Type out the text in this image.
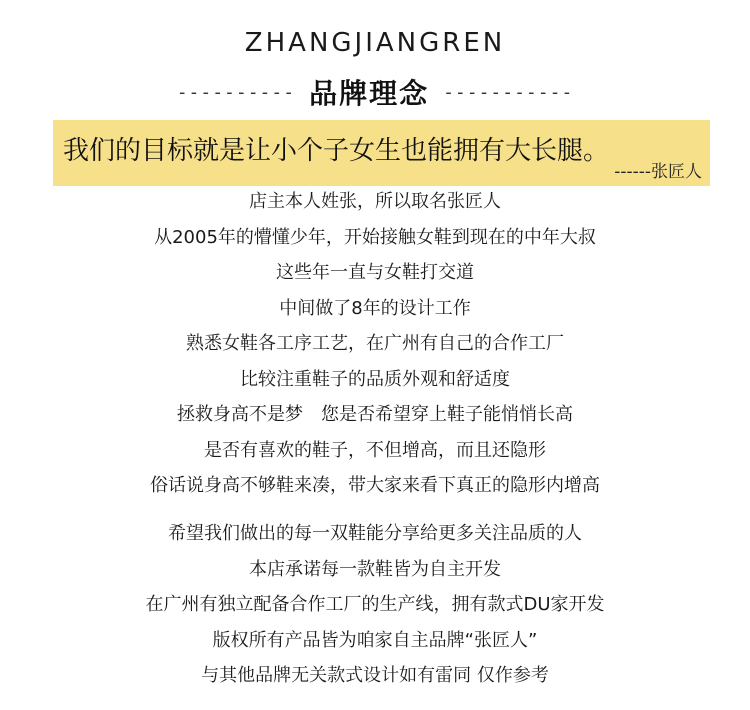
ZHANGJIANGREN
---------- 品牌理念 -----------
我们的目标就是让小个子女生也能拥有大长腿。
------张匠人
店主本人姓张，所以取名张匠人
从2005年的懵懂少年，开始接触女鞋到现在的中年大叔
这些年一直与女鞋打交道
中间做了8年的设计工作
熟悉女鞋各工序工艺，在广州有自己的合作工厂
比较注重鞋子的品质外观和舒适度
拯救身高不是梦　您是否希望穿上鞋子能悄悄长高
是否有喜欢的鞋子，不但增高，而且还隐形
俗话说身高不够鞋来凑，带大家来看下真正的隐形内增高
希望我们做出的每一双鞋能分享给更多关注品质的人
本店承诺每一款鞋皆为自主开发
在广州有独立配备合作工厂的生产线，拥有款式DU家开发
版权所有产品皆为咱家自主品牌“张匠人”
与其他品牌无关款式设计如有雷同 仅作参考
